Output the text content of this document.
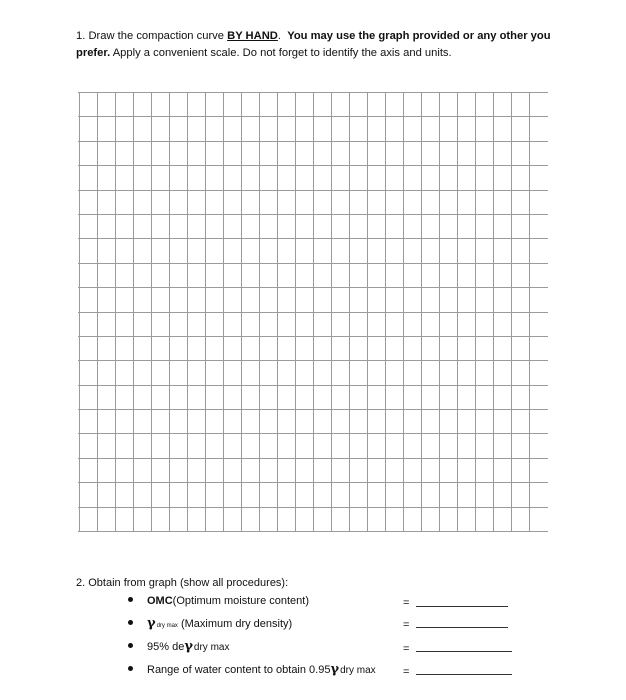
1. Draw the compaction curve BY HAND. You may use the graph provided or any other you prefer. Apply a convenient scale. Do not forget to identify the axis and units.
2. Obtain from graph (show all procedures):
OMC (Optimum moisture content)	=
γ dry max (Maximum dry density)	=
95% de γ dry max	=
Range of water content to obtain 0.95 γ dry max =
